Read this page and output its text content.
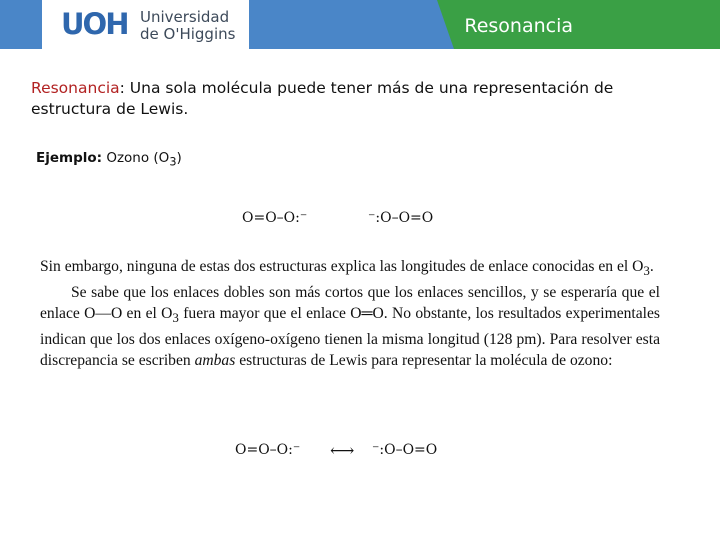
UOH Universidad
de O'Higgins	Resonancia
Resonancia: Una sola molécula puede tener más de una representación de estructura de Lewis.
Ejemplo: Ozono $(O_3)$
O=O–O:⁻	⁻:O–O=O

Sin embargo, ninguna de estas dos estructuras explica las longitudes de enlace conocidas en el $O_3$.

Se sabe que los enlaces dobles son más cortos que los enlaces sencillos, y se esperaría que el enlace O—O en el $O_3$ fuera mayor que el enlace O═O. No obstante, los resultados experimentales indican que los dos enlaces oxígeno-oxígeno tienen la misma longitud (128 pm). Para resolver esta discrepancia se escriben ambas estructuras de Lewis para representar la molécula de ozono:

O=O–O:⁻ ⟷ ⁻:O–O=O
